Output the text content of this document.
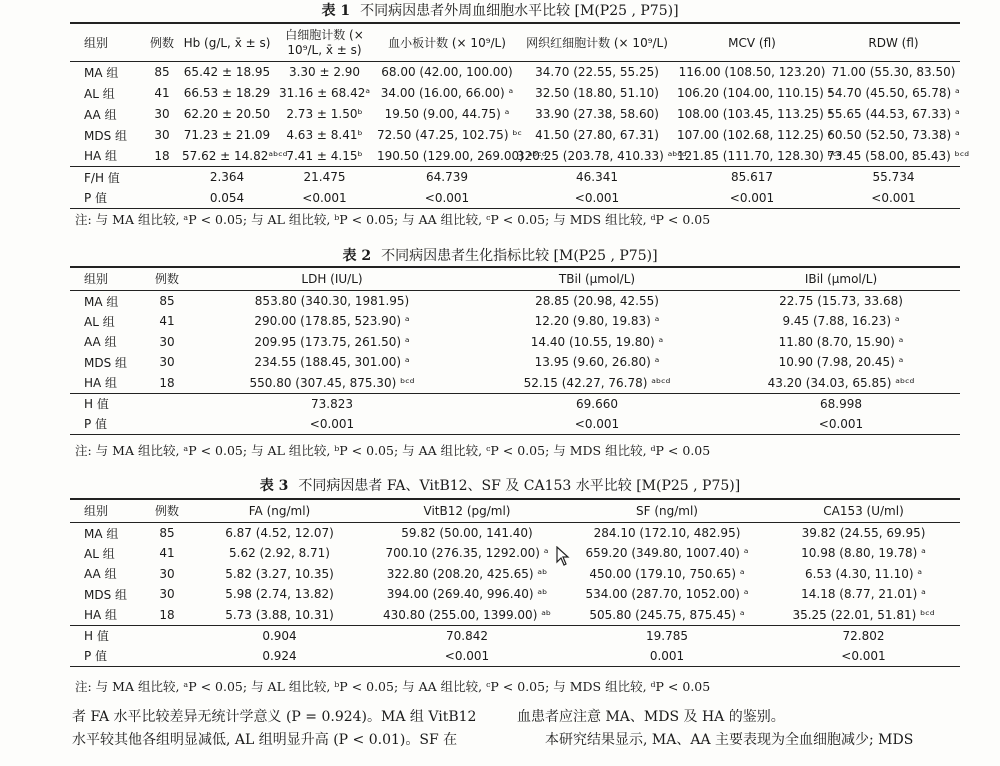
表 1 不同病因患者外周血细胞水平比较 [M(P25 , P75)]
组别	例数	Hb (g/L, x̄ ± s)	白细胞计数 (× 10⁹/L, x̄ ± s)	血小板计数 (× 10⁹/L)	网织红细胞计数 (× 10⁹/L)	MCV (fl)	RDW (fl)
MA 组	85	65.42 ± 18.95	3.30 ± 2.90	68.00 (42.00, 100.00)	34.70 (22.55, 55.25)	116.00 (108.50, 123.20)	71.00 (55.30, 83.50)
AL 组	41	66.53 ± 18.29	31.16 ± 68.42ᵃ	34.00 (16.00, 66.00) ᵃ	32.50 (18.80, 51.10)	106.20 (104.00, 110.15) ᵃ	54.70 (45.50, 65.78) ᵃ
AA 组	30	62.20 ± 20.50	2.73 ± 1.50ᵇ	19.50 (9.00, 44.75) ᵃ	33.90 (27.38, 58.60)	108.00 (103.45, 113.25) ᵃ	55.65 (44.53, 67.33) ᵃ
MDS 组	30	71.23 ± 21.09	4.63 ± 8.41ᵇ	72.50 (47.25, 102.75) ᵇᶜ	41.50 (27.80, 67.31)	107.00 (102.68, 112.25) ᵃ	60.50 (52.50, 73.38) ᵃ
HA 组	18	57.62 ± 14.82ᵃᵇᶜᵈ	7.41 ± 4.15ᵇ	190.50 (129.00, 269.00) ᵃᵇᶜᵈ	320.25 (203.78, 410.33) ᵃᵇᶜᵈ	121.85 (111.70, 128.30) ᵇᶜᵈ	73.45 (58.00, 85.43) ᵇᶜᵈ
F/H 值		2.364	21.475	64.739	46.341	85.617	55.734
P 值		0.054	<0.001	<0.001	<0.001	<0.001	<0.001
注: 与 MA 组比较, ᵃP < 0.05; 与 AL 组比较, ᵇP < 0.05; 与 AA 组比较, ᶜP < 0.05; 与 MDS 组比较, ᵈP < 0.05
表 2 不同病因患者生化指标比较 [M(P25 , P75)]
组别	例数	LDH (IU/L)	TBil (μmol/L)	IBil (μmol/L)
MA 组	85	853.80 (340.30, 1981.95)	28.85 (20.98, 42.55)	22.75 (15.73, 33.68)
AL 组	41	290.00 (178.85, 523.90) ᵃ	12.20 (9.80, 19.83) ᵃ	9.45 (7.88, 16.23) ᵃ
AA 组	30	209.95 (173.75, 261.50) ᵃ	14.40 (10.55, 19.80) ᵃ	11.80 (8.70, 15.90) ᵃ
MDS 组	30	234.55 (188.45, 301.00) ᵃ	13.95 (9.60, 26.80) ᵃ	10.90 (7.98, 20.45) ᵃ
HA 组	18	550.80 (307.45, 875.30) ᵇᶜᵈ	52.15 (42.27, 76.78) ᵃᵇᶜᵈ	43.20 (34.03, 65.85) ᵃᵇᶜᵈ
H 值		73.823	69.660	68.998
P 值		<0.001	<0.001	<0.001
注: 与 MA 组比较, ᵃP < 0.05; 与 AL 组比较, ᵇP < 0.05; 与 AA 组比较, ᶜP < 0.05; 与 MDS 组比较, ᵈP < 0.05
表 3 不同病因患者 FA、VitB12、SF 及 CA153 水平比较 [M(P25 , P75)]
组别	例数	FA (ng/ml)	VitB12 (pg/ml)	SF (ng/ml)	CA153 (U/ml)
MA 组	85	6.87 (4.52, 12.07)	59.82 (50.00, 141.40)	284.10 (172.10, 482.95)	39.82 (24.55, 69.95)
AL 组	41	5.62 (2.92, 8.71)	700.10 (276.35, 1292.00) ᵃ	659.20 (349.80, 1007.40) ᵃ	10.98 (8.80, 19.78) ᵃ
AA 组	30	5.82 (3.27, 10.35)	322.80 (208.20, 425.65) ᵃᵇ	450.00 (179.10, 750.65) ᵃ	6.53 (4.30, 11.10) ᵃ
MDS 组	30	5.98 (2.74, 13.82)	394.00 (269.40, 996.40) ᵃᵇ	534.00 (287.70, 1052.00) ᵃ	14.18 (8.77, 21.01) ᵃ
HA 组	18	5.73 (3.88, 10.31)	430.80 (255.00, 1399.00) ᵃᵇ	505.80 (245.75, 875.45) ᵃ	35.25 (22.01, 51.81) ᵇᶜᵈ
H 值		0.904	70.842	19.785	72.802
P 值		0.924	<0.001	0.001	<0.001
注: 与 MA 组比较, ᵃP < 0.05; 与 AL 组比较, ᵇP < 0.05; 与 AA 组比较, ᶜP < 0.05; 与 MDS 组比较, ᵈP < 0.05
者 FA 水平比较差异无统计学意义 (P = 0.924)。MA 组 VitB12
水平较其他各组明显减低, AL 组明显升高 (P < 0.01)。SF 在
血患者应注意 MA、MDS 及 HA 的鉴别。
本研究结果显示, MA、AA 主要表现为全血细胞减少; MDS
